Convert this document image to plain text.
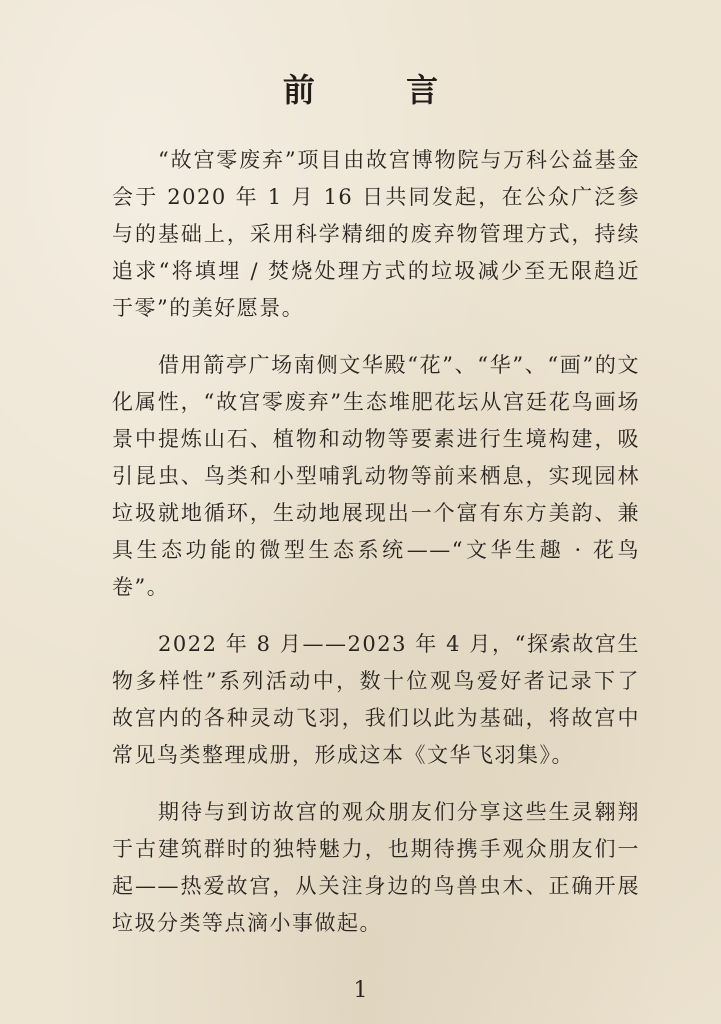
前 言

“故宫零废弃”项目由故宫博物院与万科公益基金会于 2020 年 1 月 16 日共同发起，在公众广泛参与的基础上，采用科学精细的废弃物管理方式，持续追求“将填埋 / 焚烧处理方式的垃圾减少至无限趋近于零”的美好愿景。

借用箭亭广场南侧文华殿“花”、“华”、“画”的文化属性，“故宫零废弃”生态堆肥花坛从宫廷花鸟画场景中提炼山石、植物和动物等要素进行生境构建，吸引昆虫、鸟类和小型哺乳动物等前来栖息，实现园林垃圾就地循环，生动地展现出一个富有东方美韵、兼具生态功能的微型生态系统——“文华生趣 · 花鸟卷”。

2022 年 8 月——2023 年 4 月，“探索故宫生物多样性”系列活动中，数十位观鸟爱好者记录下了故宫内的各种灵动飞羽，我们以此为基础，将故宫中常见鸟类整理成册，形成这本《文华飞羽集》。

期待与到访故宫的观众朋友们分享这些生灵翱翔于古建筑群时的独特魅力，也期待携手观众朋友们一起——热爱故宫，从关注身边的鸟兽虫木、正确开展垃圾分类等点滴小事做起。

1
